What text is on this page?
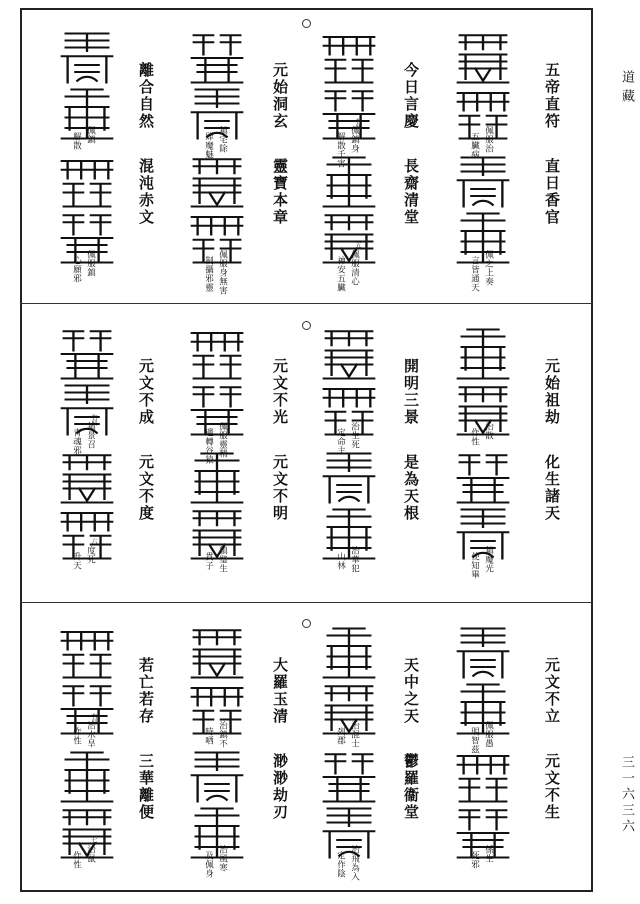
道藏
三一六三六
五帝直符
佩服治
五臟病
直日香官
佩之上奏
言皆通天
今日言慶
佩鎮身
解散千害
右四
長齋清堂
佩服清心
神安五臟
五
元始洞玄
鎮宅除
肆魔魅
靈寶本章
佩服身無害
制攝邪靈
離合自然
佩鎮
解散
混沌赤文
佩服鎮
心願邪
元始祖劫
治散
作性
化生諸天
鎮魔光
使知畢
開明三景
治生死
定命主
是為天根
治華犯
山林
元文不光
佩服靈精
邊轉谷猿
元文不明
鎮璧生
貴子
元文不成
鎮景召
青魂邪
右四
元文不度
度死
升天
六
元文不立
佩服愚
明智茲
元文不生
係生
死邪
天中之天
治混士
列郡
鬱羅衞堂
治飛為入
定作陰
大羅玉清
治鎮不
時哂
渺渺劫刃
治風寒
及佩身
若亡若存
治水旱
作性
右四
三華離便
治鼠
作性
七
